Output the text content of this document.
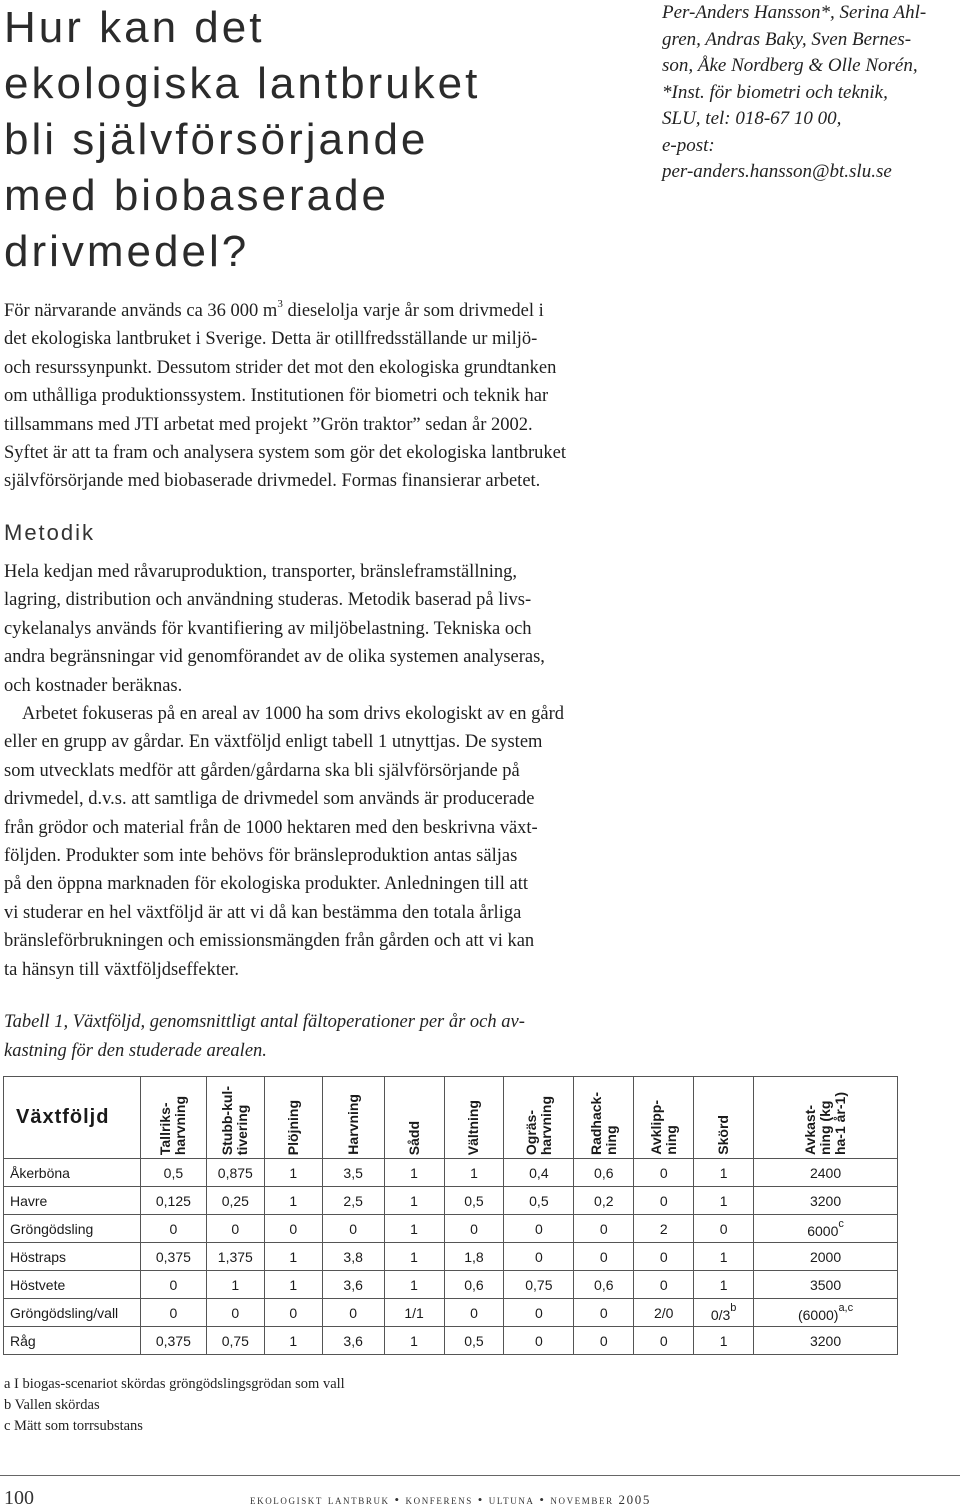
Hur kan det
ekologiska lantbruket
bli självförsörjande
med biobaserade
drivmedel?
Per-Anders Hansson*, Serina Ahl-
gren, Andras Baky, Sven Bernes-
son, Åke Nordberg & Olle Norén,
*Inst. för biometri och teknik,
SLU, tel: 018-67 10 00,
e-post:
per-anders.hansson@bt.slu.se
För närvarande används ca 36 000 $m^3$ dieselolja varje år som drivmedel i
det ekologiska lantbruket i Sverige. Detta är otillfredsställande ur miljö-
och resurssynpunkt. Dessutom strider det mot den ekologiska grundtanken
om uthålliga produktionssystem. Institutionen för biometri och teknik har
tillsammans med JTI arbetat med projekt ”Grön traktor” sedan år 2002.
Syftet är att ta fram och analysera system som gör det ekologiska lantbruket
självförsörjande med biobaserade drivmedel. Formas finansierar arbetet.
Metodik
Hela kedjan med råvaruproduktion, transporter, bränsleframställning,
lagring, distribution och användning studeras. Metodik baserad på livs-
cykelanalys används för kvantifiering av miljöbelastning. Tekniska och
andra begränsningar vid genomförandet av de olika systemen analyseras,
och kostnader beräknas.
Arbetet fokuseras på en areal av 1000 ha som drivs ekologiskt av en gård
eller en grupp av gårdar. En växtföljd enligt tabell 1 utnyttjas. De system
som utvecklats medför att gården/gårdarna ska bli självförsörjande på
drivmedel, d.v.s. att samtliga de drivmedel som används är producerade
från grödor och material från de 1000 hektaren med den beskrivna växt-
följden. Produkter som inte behövs för bränsleproduktion antas säljas
på den öppna marknaden för ekologiska produkter. Anledningen till att
vi studerar en hel växtföljd är att vi då kan bestämma den totala årliga
bränsleförbrukningen och emissionsmängden från gården och att vi kan
ta hänsyn till växtföljdseffekter.
Tabell 1, Växtföljd, genomsnittligt antal fältoperationer per år och av-
kastning för den studerade arealen.
Växtföljd	Tallriks- harvning	Stubb-kul- tivering	Plöjning	Harvning	Sådd	Vältning	Ogräs- harvning	Radhack- ning	Avklipp- ning	Skörd	Avkast- ning (kg ha-1 år-1)

Åkerböna	0,5	0,875	1	3,5	1	1	0,4	0,6	0	1	2400
Havre	0,125	0,25	1	2,5	1	0,5	0,5	0,2	0	1	3200
Gröngödsling	0	0	0	0	1	0	0	0	2	0	6000$^c$
Höstraps	0,375	1,375	1	3,8	1	1,8	0	0	0	1	2000
Höstvete	0	1	1	3,6	1	0,6	0,75	0,6	0	1	3500
Gröngödsling/vall	0	0	0	0	1/1	0	0	0	2/0	0/3$^b$	$(6000)^{a,c}$
Råg	0,375	0,75	1	3,6	1	0,5	0	0	0	1	3200
a I biogas-scenariot skördas gröngödslingsgrödan som vall
b Vallen skördas
c Mätt som torrsubstans
100	ekologiskt lantbruk • konferens • ultuna • november 2005
